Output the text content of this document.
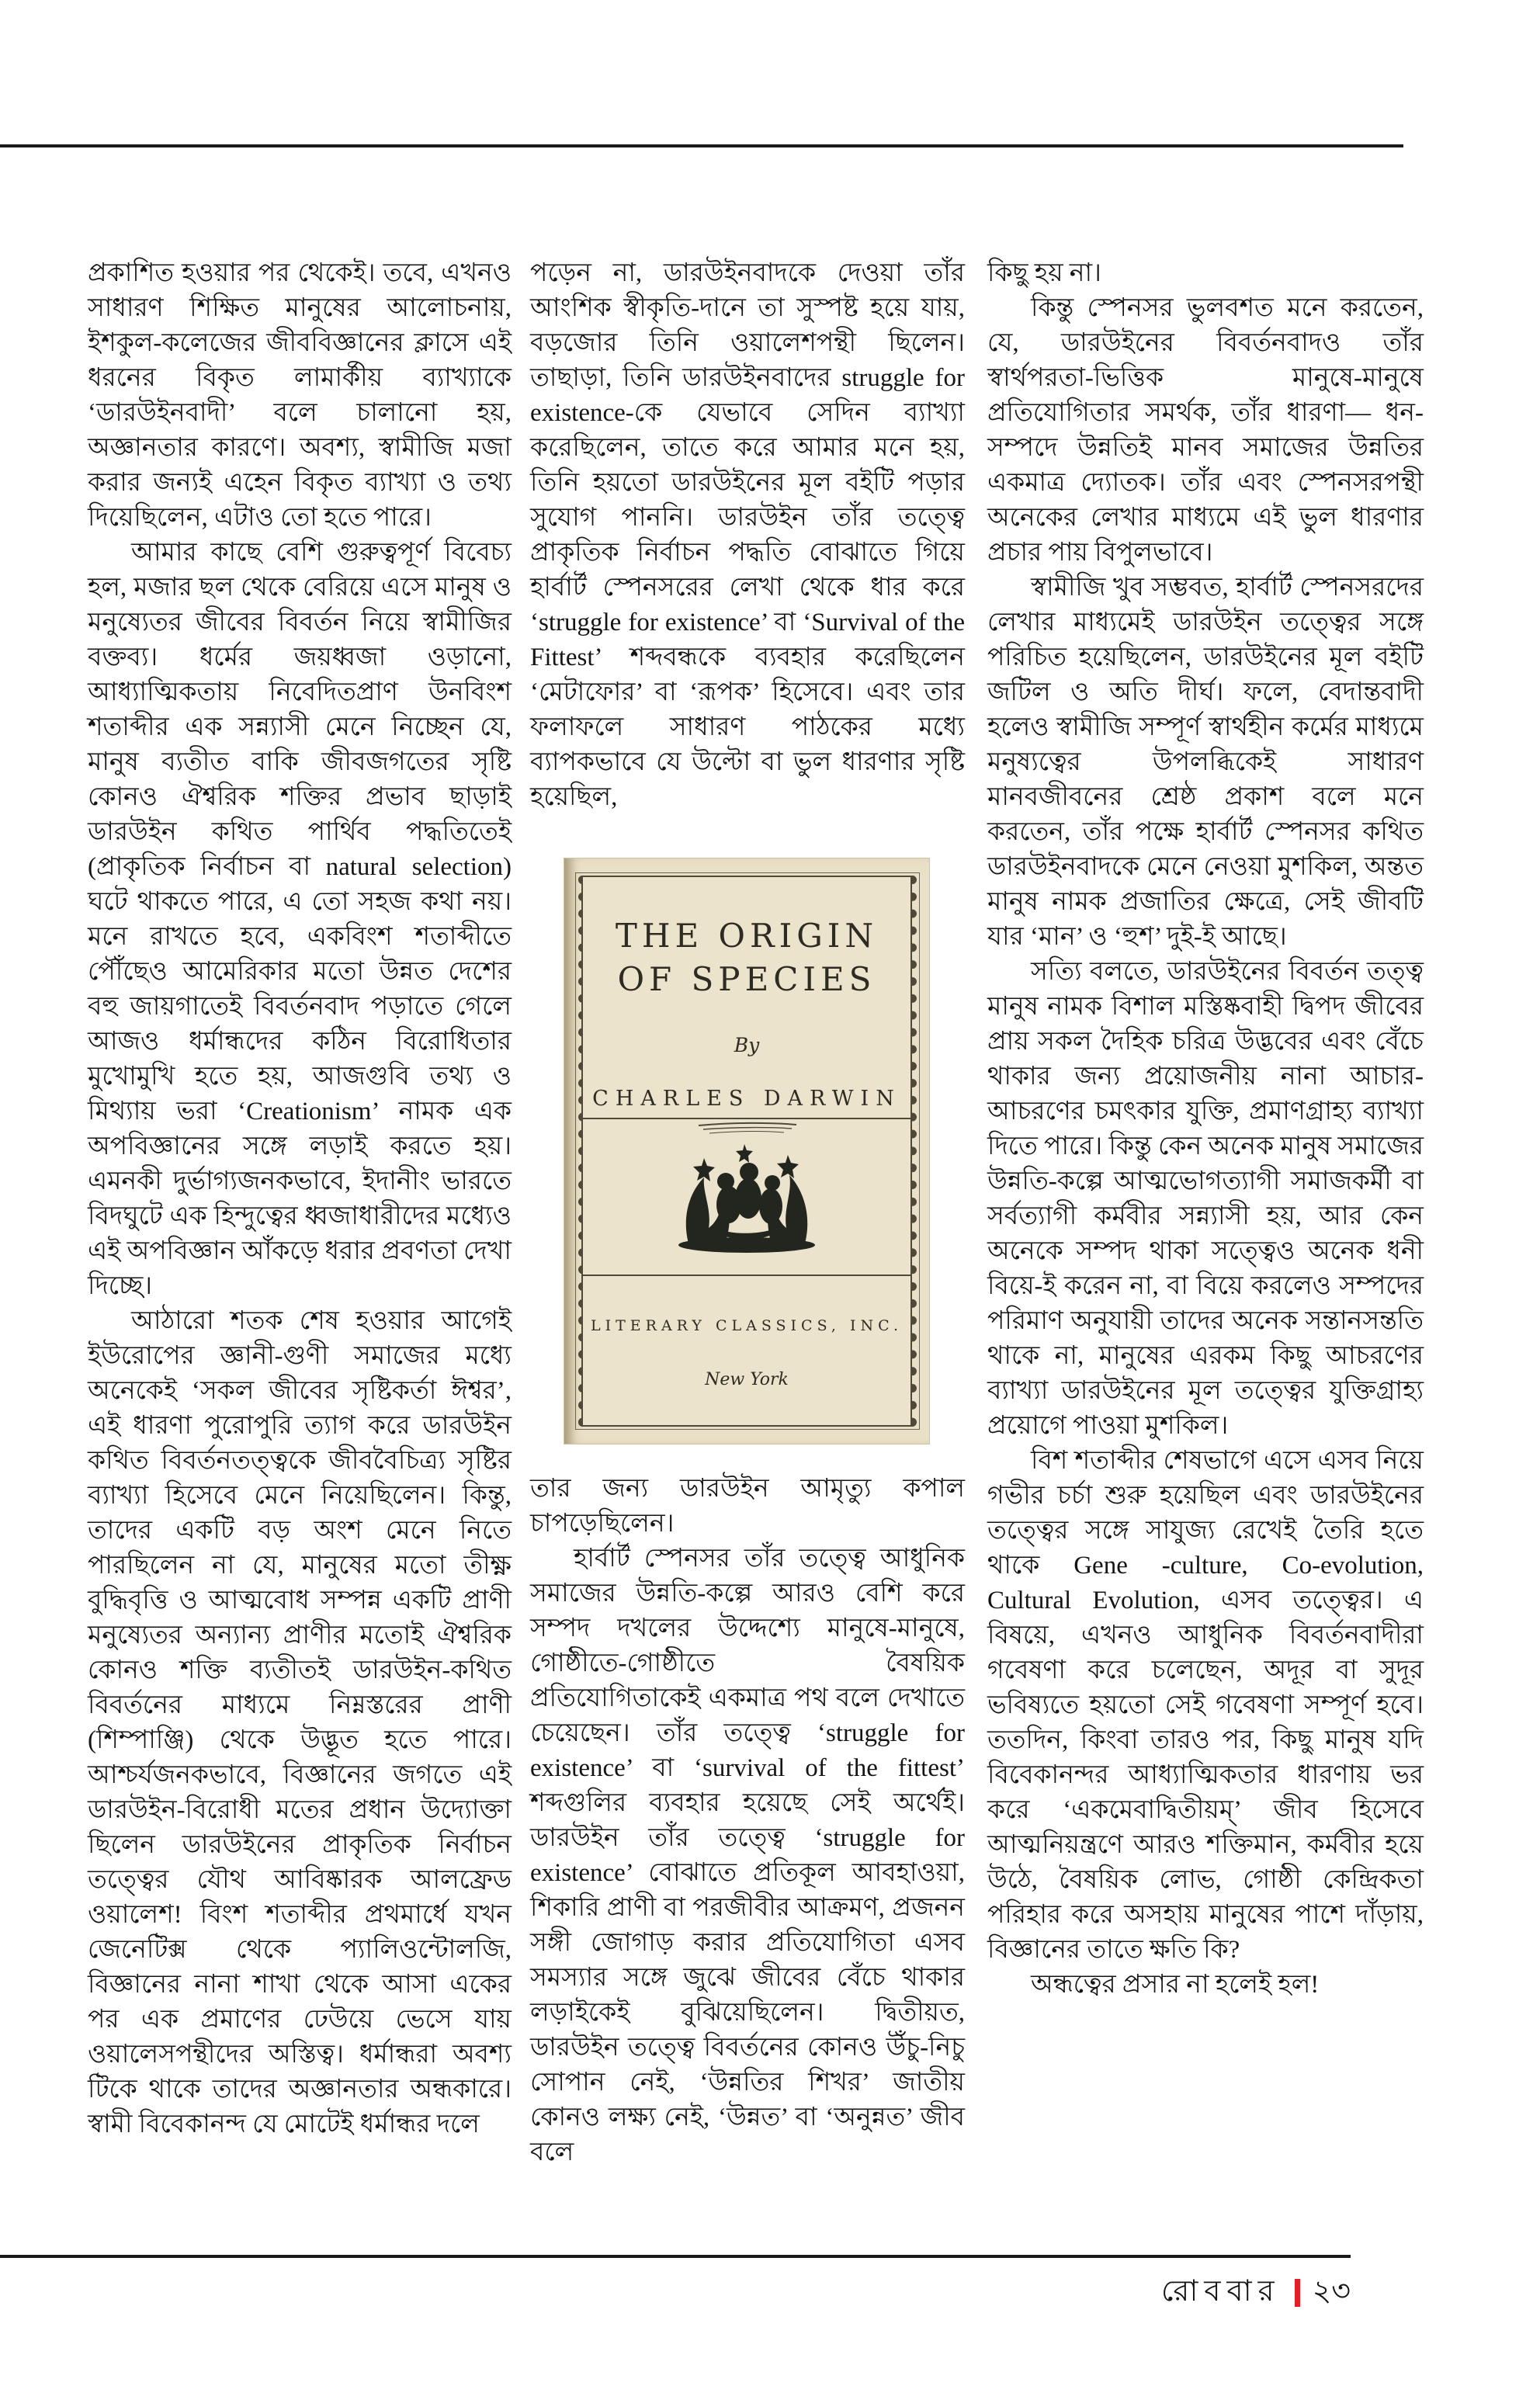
প্রকাশিত হওয়ার পর থেকেই। তবে, এখনও সাধারণ শিক্ষিত মানুষের আলোচনায়, ইশকুল-কলেজের জীববিজ্ঞানের ক্লাসে এই ধরনের বিকৃত লামার্কীয় ব্যাখ্যাকে ‘ডারউইনবাদী’ বলে চালানো হয়, অজ্ঞানতার কারণে। অবশ্য, স্বামীজি মজা করার জন্যই এহেন বিকৃত ব্যাখ্যা ও তথ্য দিয়েছিলেন, এটাও তো হতে পারে।

আমার কাছে বেশি গুরুত্বপূর্ণ বিবেচ্য হল, মজার ছল থেকে বেরিয়ে এসে মানুষ ও মনুষ্যেতর জীবের বিবর্তন নিয়ে স্বামীজির বক্তব্য। ধর্মের জয়ধ্বজা ওড়ানো, আধ্যাত্মিকতায় নিবেদিতপ্রাণ উনবিংশ শতাব্দীর এক সন্ন্যাসী মেনে নিচ্ছেন যে, মানুষ ব্যতীত বাকি জীবজগতের সৃষ্টি কোনও ঐশ্বরিক শক্তির প্রভাব ছাড়াই ডারউইন কথিত পার্থিব পদ্ধতিতেই (প্রাকৃতিক নির্বাচন বা natural selection) ঘটে থাকতে পারে, এ তো সহজ কথা নয়। মনে রাখতে হবে, একবিংশ শতাব্দীতে পৌঁছেও আমেরিকার মতো উন্নত দেশের বহু জায়গাতেই বিবর্তনবাদ পড়াতে গেলে আজও ধর্মান্ধদের কঠিন বিরোধিতার মুখোমুখি হতে হয়, আজগুবি তথ্য ও মিথ্যায় ভরা ‘Creationism’ নামক এক অপবিজ্ঞানের সঙ্গে লড়াই করতে হয়। এমনকী দুর্ভাগ্যজনকভাবে, ইদানীং ভারতে বিদঘুটে এক হিন্দুত্বের ধ্বজাধারীদের মধ্যেও এই অপবিজ্ঞান আঁকড়ে ধরার প্রবণতা দেখা দিচ্ছে।

আঠারো শতক শেষ হওয়ার আগেই ইউরোপের জ্ঞানী-গুণী সমাজের মধ্যে অনেকেই ‘সকল জীবের সৃষ্টিকর্তা ঈশ্বর’, এই ধারণা পুরোপুরি ত্যাগ করে ডারউইন কথিত বিবর্তনতত্ত্বকে জীববৈচিত্র্য সৃষ্টির ব্যাখ্যা হিসেবে মেনে নিয়েছিলেন। কিন্তু, তাদের একটি বড় অংশ মেনে নিতে পারছিলেন না যে, মানুষের মতো তীক্ষ্ণ বুদ্ধিবৃত্তি ও আত্মবোধ সম্পন্ন একটি প্রাণী মনুষ্যেতর অন্যান্য প্রাণীর মতোই ঐশ্বরিক কোনও শক্তি ব্যতীতই ডারউইন-কথিত বিবর্তনের মাধ্যমে নিম্নস্তরের প্রাণী (শিম্পাঞ্জি) থেকে উদ্ভূত হতে পারে। আশ্চর্যজনকভাবে, বিজ্ঞানের জগতে এই ডারউইন-বিরোধী মতের প্রধান উদ্যোক্তা ছিলেন ডারউইনের প্রাকৃতিক নির্বাচন তত্ত্বের যৌথ আবিষ্কারক আলফ্রেড ওয়ালেশ! বিংশ শতাব্দীর প্রথমার্ধে যখন জেনেটিক্স থেকে প্যালিওন্টোলজি, বিজ্ঞানের নানা শাখা থেকে আসা একের পর এক প্রমাণের ঢেউয়ে ভেসে যায় ওয়ালেসপন্থীদের অস্তিত্ব। ধর্মান্ধরা অবশ্য টিকে থাকে তাদের অজ্ঞানতার অন্ধকারে। স্বামী বিবেকানন্দ যে মোটেই ধর্মান্ধর দলে

পড়েন না, ডারউইনবাদকে দেওয়া তাঁর আংশিক স্বীকৃতি-দানে তা সুস্পষ্ট হয়ে যায়, বড়জোর তিনি ওয়ালেশপন্থী ছিলেন। তাছাড়া, তিনি ডারউইনবাদের struggle for existence-কে যেভাবে সেদিন ব্যাখ্যা করেছিলেন, তাতে করে আমার মনে হয়, তিনি হয়তো ডারউইনের মূল বইটি পড়ার সুযোগ পাননি। ডারউইন তাঁর তত্ত্বে প্রাকৃতিক নির্বাচন পদ্ধতি বোঝাতে গিয়ে হার্বার্ট স্পেনসরের লেখা থেকে ধার করে ‘struggle for existence’ বা ‘Survival of the Fittest’ শব্দবন্ধকে ব্যবহার করেছিলেন ‘মেটাফোর’ বা ‘রূপক’ হিসেবে। এবং তার ফলাফলে সাধারণ পাঠকের মধ্যে ব্যাপকভাবে যে উল্টো বা ভুল ধারণার সৃষ্টি হয়েছিল,

THE ORIGIN
OF SPECIES
By
CHARLES DARWIN
LITERARY CLASSICS, INC.
New York

তার জন্য ডারউইন আমৃত্যু কপাল চাপড়েছিলেন।

হার্বার্ট স্পেনসর তাঁর তত্ত্বে আধুনিক সমাজের উন্নতি-কল্পে আরও বেশি করে সম্পদ দখলের উদ্দেশ্যে মানুষে-মানুষে, গোষ্ঠীতে-গোষ্ঠীতে বৈষয়িক প্রতিযোগিতাকেই একমাত্র পথ বলে দেখাতে চেয়েছেন। তাঁর তত্ত্বে ‘struggle for existence’ বা ‘survival of the fittest’ শব্দগুলির ব্যবহার হয়েছে সেই অর্থেই। ডারউইন তাঁর তত্ত্বে ‘struggle for existence’ বোঝাতে প্রতিকূল আবহাওয়া, শিকারি প্রাণী বা পরজীবীর আক্রমণ, প্রজনন সঙ্গী জোগাড় করার প্রতিযোগিতা এসব সমস্যার সঙ্গে জুঝে জীবের বেঁচে থাকার লড়াইকেই বুঝিয়েছিলেন। দ্বিতীয়ত, ডারউইন তত্ত্বে বিবর্তনের কোনও উঁচু-নিচু সোপান নেই, ‘উন্নতির শিখর’ জাতীয় কোনও লক্ষ্য নেই, ‘উন্নত’ বা ‘অনুন্নত’ জীব বলে

কিছু হয় না।

কিন্তু স্পেনসর ভুলবশত মনে করতেন, যে, ডারউইনের বিবর্তনবাদও তাঁর স্বার্থপরতা-ভিত্তিক মানুষে-মানুষে প্রতিযোগিতার সমর্থক, তাঁর ধারণা— ধন-সম্পদে উন্নতিই মানব সমাজের উন্নতির একমাত্র দ্যোতক। তাঁর এবং স্পেনসরপন্থী অনেকের লেখার মাধ্যমে এই ভুল ধারণার প্রচার পায় বিপুলভাবে।

স্বামীজি খুব সম্ভবত, হার্বার্ট স্পেনসরদের লেখার মাধ্যমেই ডারউইন তত্ত্বের সঙ্গে পরিচিত হয়েছিলেন, ডারউইনের মূল বইটি জটিল ও অতি দীর্ঘ। ফলে, বেদান্তবাদী হলেও স্বামীজি সম্পূর্ণ স্বার্থহীন কর্মের মাধ্যমে মনুষ্যত্বের উপলব্ধিকেই সাধারণ মানবজীবনের শ্রেষ্ঠ প্রকাশ বলে মনে করতেন, তাঁর পক্ষে হার্বার্ট স্পেনসর কথিত ডারউইনবাদকে মেনে নেওয়া মুশকিল, অন্তত মানুষ নামক প্রজাতির ক্ষেত্রে, সেই জীবটি যার ‘মান’ ও ‘হুশ’ দুই-ই আছে।

সত্যি বলতে, ডারউইনের বিবর্তন তত্ত্ব মানুষ নামক বিশাল মস্তিষ্কবাহী দ্বিপদ জীবের প্রায় সকল দৈহিক চরিত্র উদ্ভবের এবং বেঁচে থাকার জন্য প্রয়োজনীয় নানা আচার-আচরণের চমৎকার যুক্তি, প্রমাণগ্রাহ্য ব্যাখ্যা দিতে পারে। কিন্তু কেন অনেক মানুষ সমাজের উন্নতি-কল্পে আত্মভোগত্যাগী সমাজকর্মী বা সর্বত্যাগী কর্মবীর সন্ন্যাসী হয়, আর কেন অনেকে সম্পদ থাকা সত্ত্বেও অনেক ধনী বিয়ে-ই করেন না, বা বিয়ে করলেও সম্পদের পরিমাণ অনুযায়ী তাদের অনেক সন্তানসন্ততি থাকে না, মানুষের এরকম কিছু আচরণের ব্যাখ্যা ডারউইনের মূল তত্ত্বের যুক্তিগ্রাহ্য প্রয়োগে পাওয়া মুশকিল।

বিশ শতাব্দীর শেষভাগে এসে এসব নিয়ে গভীর চর্চা শুরু হয়েছিল এবং ডারউইনের তত্ত্বের সঙ্গে সাযুজ্য রেখেই তৈরি হতে থাকে Gene -culture, Co-evolution, Cultural Evolution, এসব তত্ত্বের। এ বিষয়ে, এখনও আধুনিক বিবর্তনবাদীরা গবেষণা করে চলেছেন, অদূর বা সুদূর ভবিষ্যতে হয়তো সেই গবেষণা সম্পূর্ণ হবে। ততদিন, কিংবা তারও পর, কিছু মানুষ যদি বিবেকানন্দর আধ্যাত্মিকতার ধারণায় ভর করে ‘একমেবাদ্বিতীয়ম্‌’ জীব হিসেবে আত্মনিয়ন্ত্রণে আরও শক্তিমান, কর্মবীর হয়ে উঠে, বৈষয়িক লোভ, গোষ্ঠী কেন্দ্রিকতা পরিহার করে অসহায় মানুষের পাশে দাঁড়ায়, বিজ্ঞানের তাতে ক্ষতি কি?

অন্ধত্বের প্রসার না হলেই হল!

রোববার ২৩
